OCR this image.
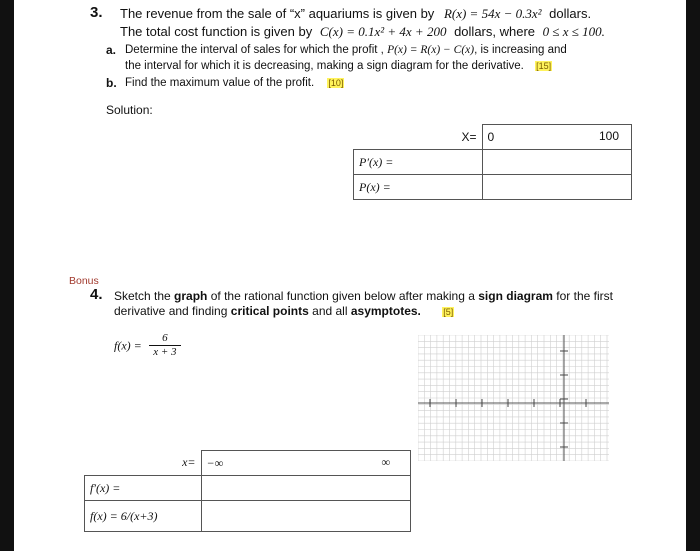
3. The revenue from the sale of “x” aquariums is given by R(x) = 54x − 0.3x² dollars.
The total cost function is given by C(x) = 0.1x² + 4x + 200 dollars, where 0 ≤ x ≤ 100.
a. Determine the interval of sales for which the profit , P(x) = R(x) − C(x), is increasing and
the interval for which it is decreasing, making a sign diagram for the derivative. [15]
b. Find the maximum value of the profit. [10]
Solution:
X=	0 100

P′(x) =	
P(x) =	
Bonus
4. Sketch the graph of the rational function given below after making a sign diagram for the first
derivative and finding critical points and all asymptotes. [5]
$f(x) = \frac{6}{x + 3}$
x=	−∞ ∞

f′(x) =	
f(x) = 6/(x+3)	
